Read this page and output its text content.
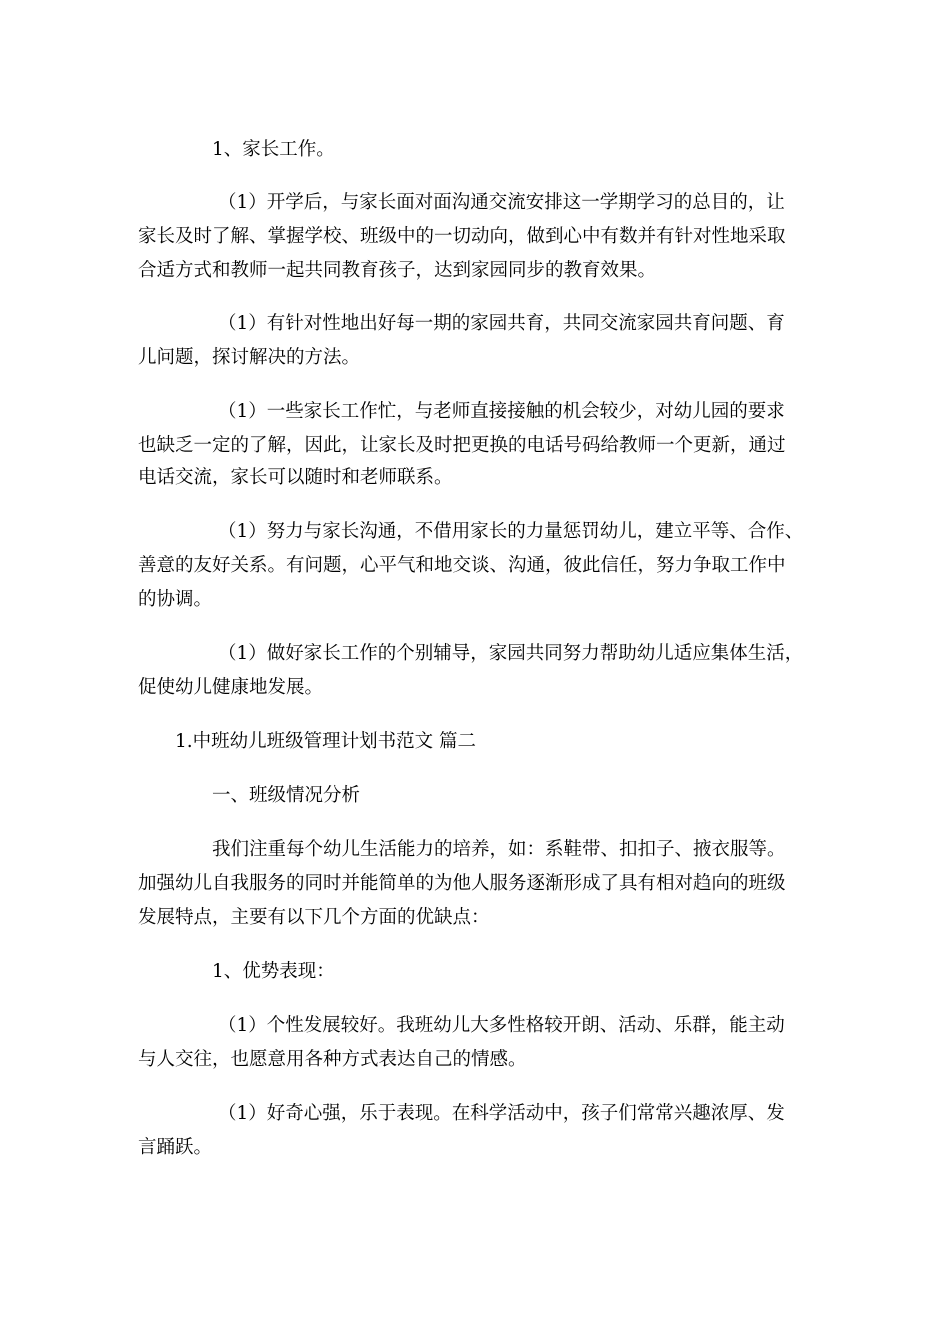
1、家长工作。

（1）开学后，与家长面对面沟通交流安排这一学期学习的总目的，让

家长及时了解、掌握学校、班级中的一切动向，做到心中有数并有针对性地采取

合适方式和教师一起共同教育孩子，达到家园同步的教育效果。

（1）有针对性地出好每一期的家园共育，共同交流家园共育问题、育

儿问题，探讨解决的方法。

（1）一些家长工作忙，与老师直接接触的机会较少，对幼儿园的要求

也缺乏一定的了解，因此，让家长及时把更换的电话号码给教师一个更新，通过

电话交流，家长可以随时和老师联系。

（1）努力与家长沟通，不借用家长的力量惩罚幼儿，建立平等、合作、

善意的友好关系。有问题，心平气和地交谈、沟通，彼此信任，努力争取工作中

的协调。

（1）做好家长工作的个别辅导，家园共同努力帮助幼儿适应集体生活，

促使幼儿健康地发展。

1.中班幼儿班级管理计划书范文 篇二

一、班级情况分析

我们注重每个幼儿生活能力的培养，如：系鞋带、扣扣子、掖衣服等。

加强幼儿自我服务的同时并能简单的为他人服务逐渐形成了具有相对趋向的班级

发展特点，主要有以下几个方面的优缺点：

1、优势表现：

（1）个性发展较好。我班幼儿大多性格较开朗、活动、乐群，能主动

与人交往，也愿意用各种方式表达自己的情感。

（1）好奇心强，乐于表现。在科学活动中，孩子们常常兴趣浓厚、发

言踊跃。
